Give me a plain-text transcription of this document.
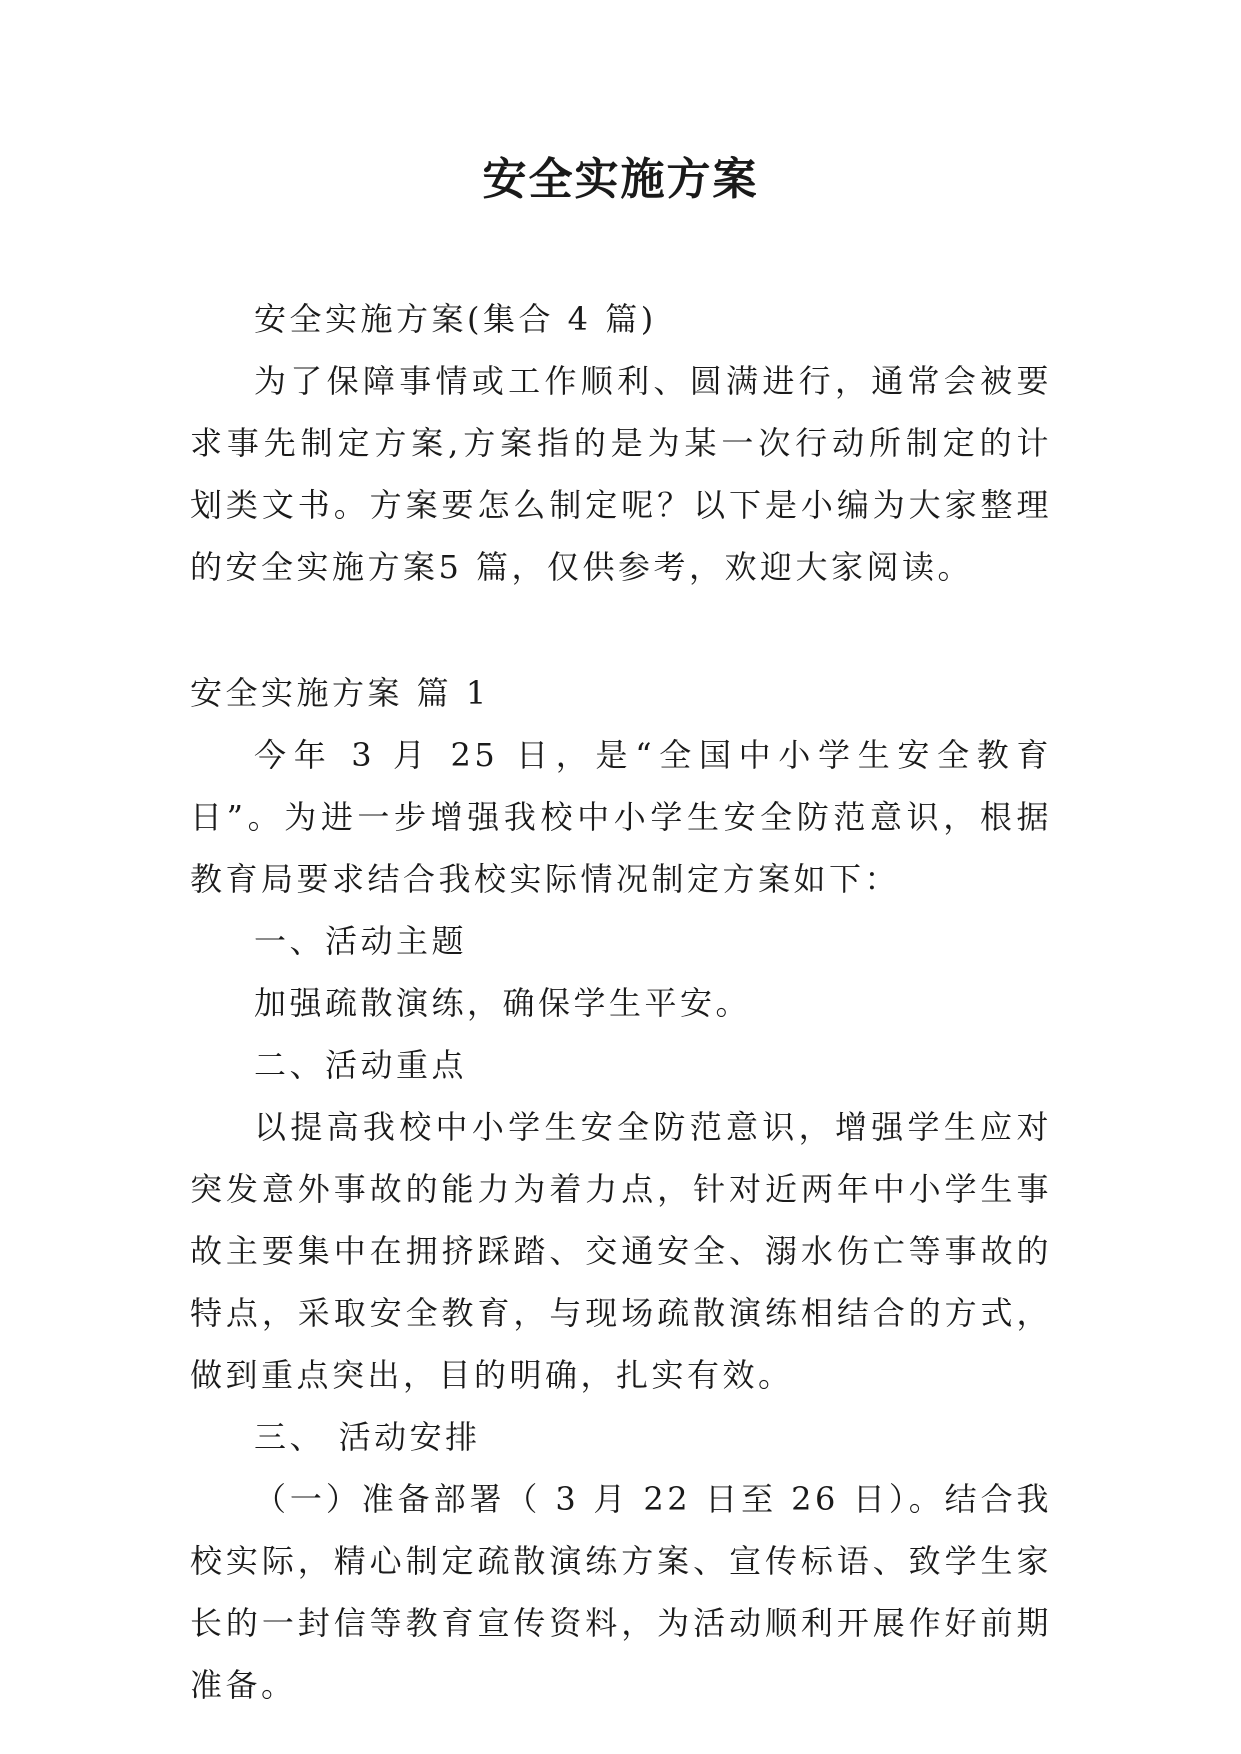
安全实施方案

安全实施方案(集合 4 篇)

为了保障事情或工作顺利、圆满进行，通常会被要求事先制定方案,方案指的是为某一次行动所制定的计划类文书。方案要怎么制定呢？以下是小编为大家整理的安全实施方案5 篇，仅供参考，欢迎大家阅读。

安全实施方案 篇 1

今年 3 月 25 日，是“全国中小学生安全教育日”。为进一步增强我校中小学生安全防范意识，根据教育局要求结合我校实际情况制定方案如下：

一、活动主题

加强疏散演练，确保学生平安。

二、活动重点

以提高我校中小学生安全防范意识，增强学生应对突发意外事故的能力为着力点，针对近两年中小学生事故主要集中在拥挤踩踏、交通安全、溺水伤亡等事故的特点，采取安全教育，与现场疏散演练相结合的方式，做到重点突出，目的明确，扎实有效。

三、 活动安排

（一）准备部署（ 3 月 22 日至 26 日）。结合我校实际，精心制定疏散演练方案、宣传标语、致学生家长的一封信等教育宣传资料，为活动顺利开展作好前期准备。
